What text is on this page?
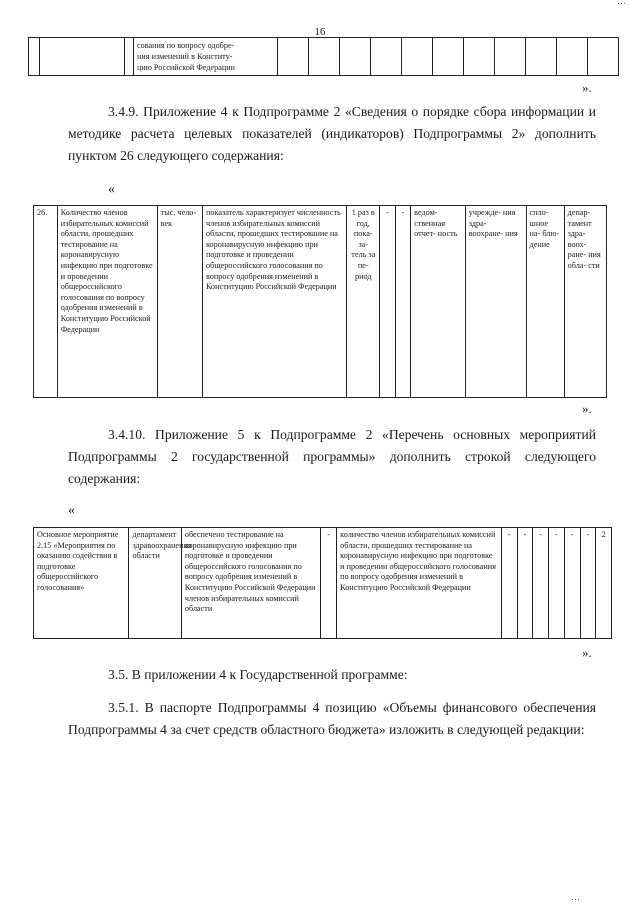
…
16
			сования по вопросу одобре-
ния изменений в Конститу-
цию Российской Федерации											
».
3.4.9. Приложение 4 к Подпрограмме 2 «Сведения о порядке сбора информации и методике расчета целевых показателей (индикаторов) Подпрограммы 2» дополнить пунктом 26 следующего содержания:
«
26.	Количество членов избирательных комиссий области, прошедших тестирование на коронавирусную инфекцию при подготовке и проведении общероссийского голосования по вопросу одобрения изменений в Конституцию Российской Федерации	тыс. чело- век	показатель характеризует численность членов избирательных комиссий области, прошедших тестирование на коронавирусную инфекцию при подготовке и проведении общероссийского голосования по вопросу одобрения изменений в Конституцию Российской Федерации	1 раз в год, пока- за- тель за пе- риод	-	-	ведом- ственная отчет- ность	учрежде- ния здра- воохране- ния	спло- шное на- блю- дение	депар- тамент здра- воох- ране- ния обла- сти
».
3.4.10. Приложение 5 к Подпрограмме 2 «Перечень основных мероприятий Подпрограммы 2 государственной программы» дополнить строкой следующего содержания:
«
Основное мероприятие 2.15 «Мероприятия по оказанию содействия в подготовке общероссийского голосования»	департамент здравоохранения области	обеспечено тестирование на коронавирусную инфекцию при подготовке и проведении общероссийского голосования по вопросу одобрения изменений в Конституцию Российской Федерации членов избирательных комиссий области	-	количество членов избирательных комиссий области, прошедших тестирование на коронавирусную инфекцию при подготовке и проведении общероссийского голосования по вопросу одобрения изменений в Конституцию Российской Федерации	-	-	-	-	-	-	2
».
3.5. В приложении 4 к Государственной программе:
3.5.1. В паспорте Подпрограммы 4 позицию «Объемы финансового обеспечения Подпрограммы 4 за счет средств областного бюджета» изложить в следующей редакции:
…
